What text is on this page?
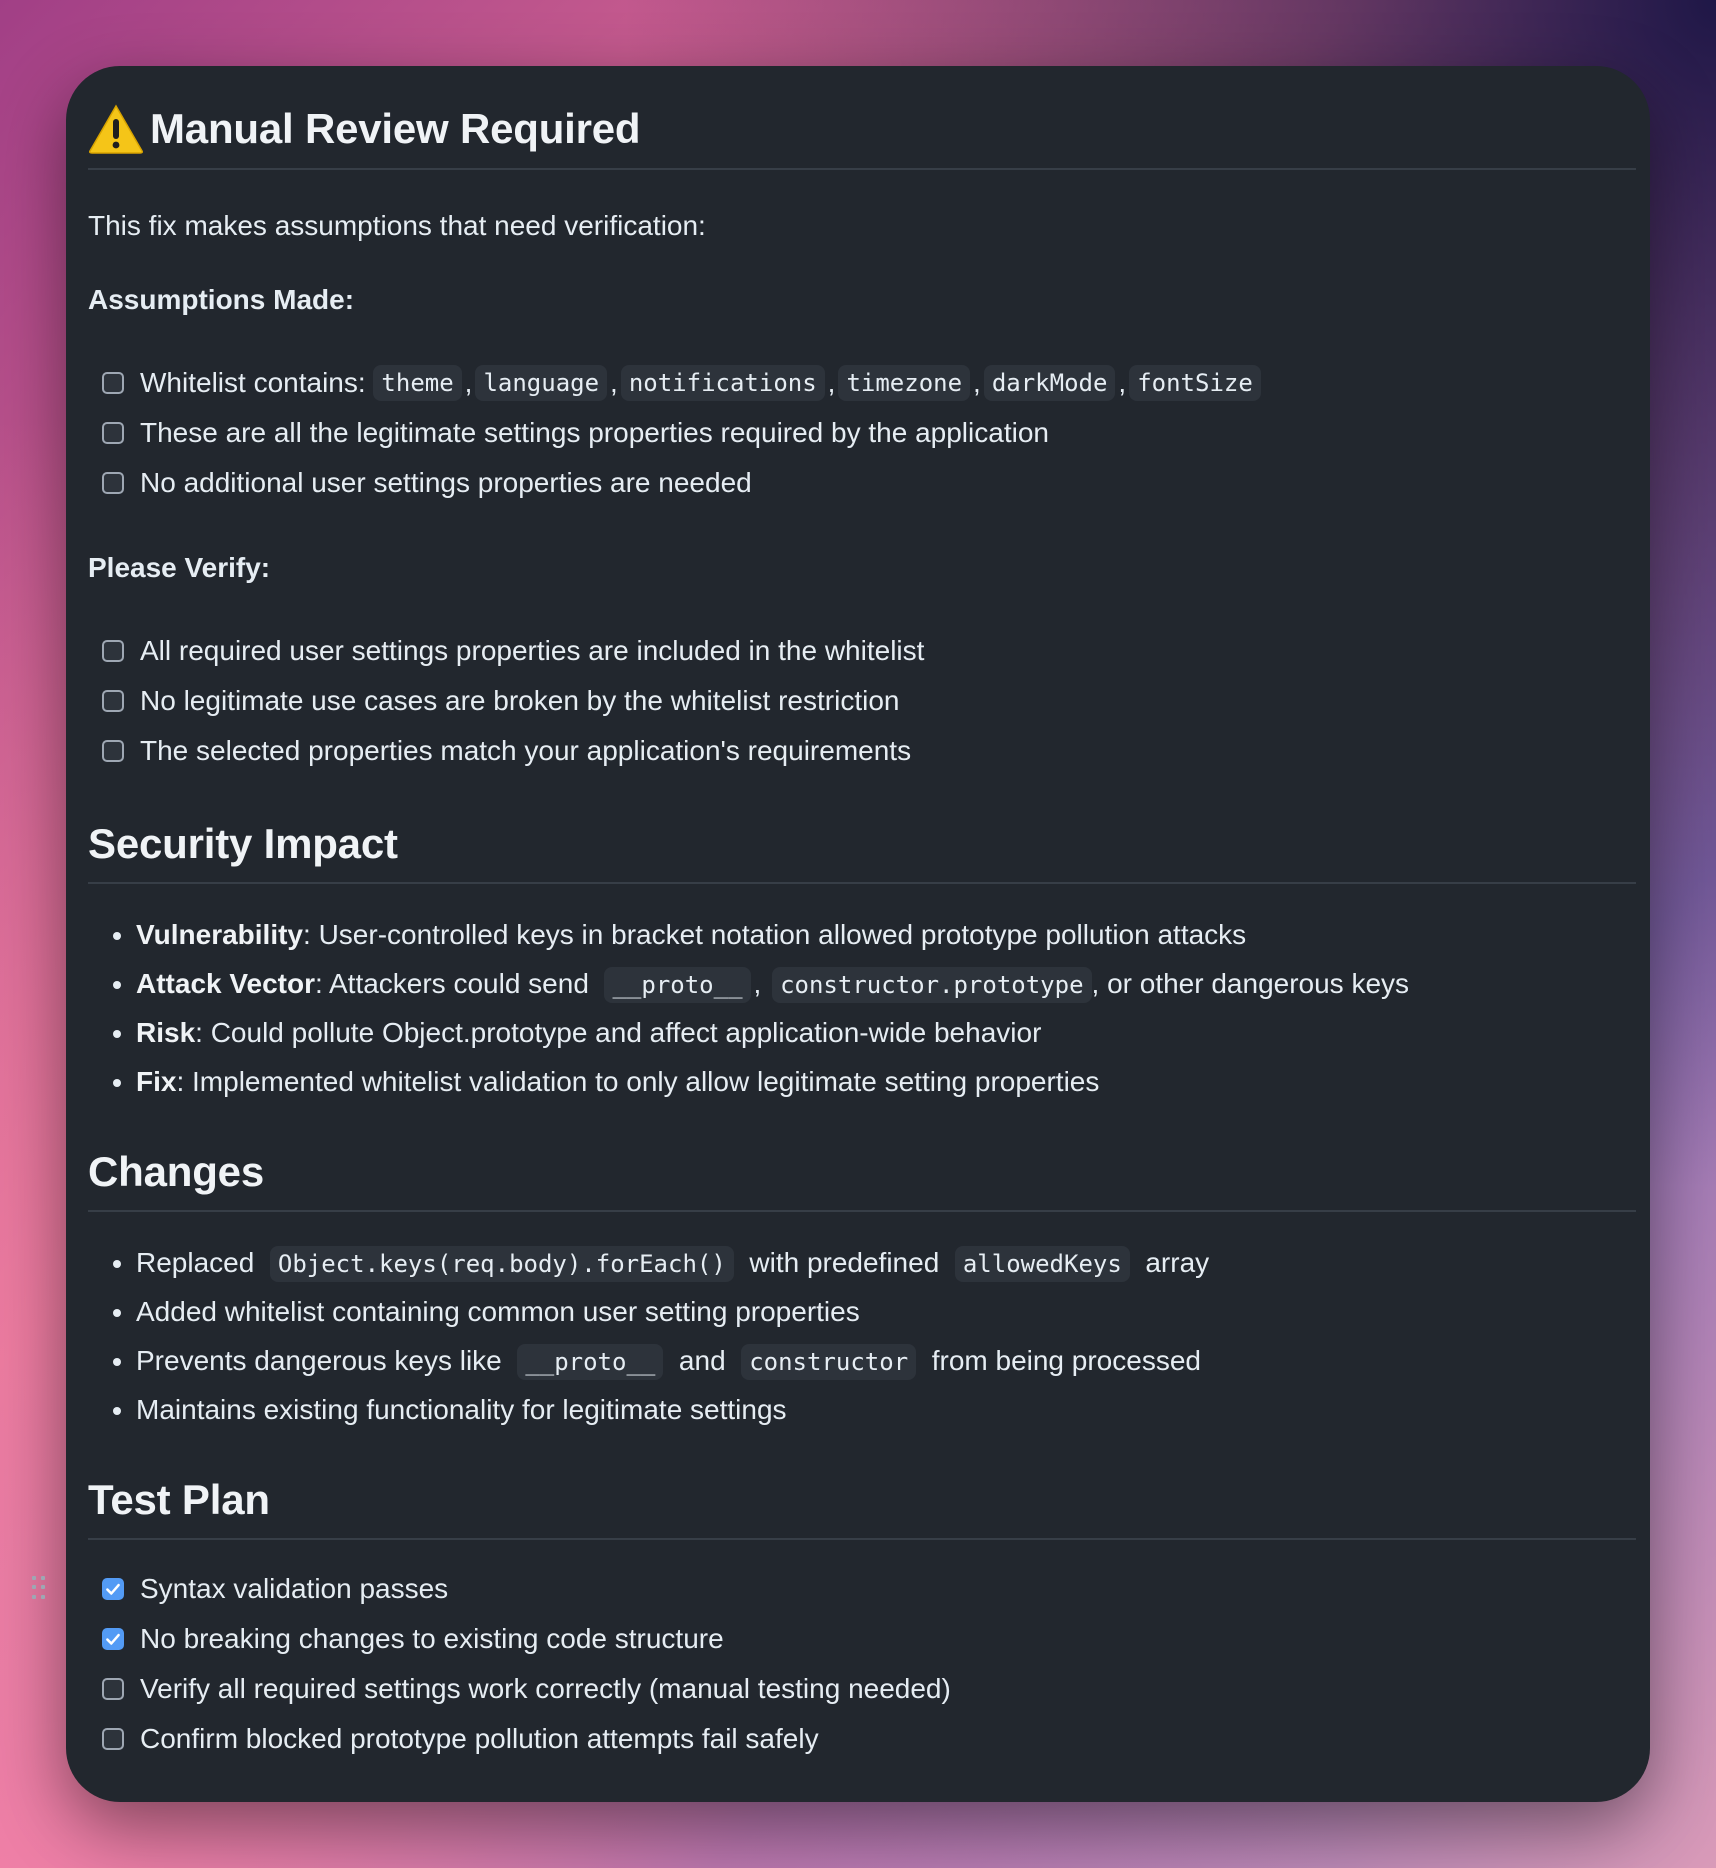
Manual Review Required

This fix makes assumptions that need verification:

Assumptions Made:

Whitelist contains:
theme , language , notifications , timezone , darkMode , fontSize
These are all the legitimate settings properties required by the application
No additional user settings properties are needed

Please Verify:

All required user settings properties are included in the whitelist
No legitimate use cases are broken by the whitelist restriction
The selected properties match your application's requirements
Security Impact
• Vulnerability: User-controlled keys in bracket notation allowed prototype pollution attacks
• Attack Vector: Attackers could send __proto__ , constructor.prototype , or other dangerous keys
• Risk: Could pollute Object.prototype and affect application-wide behavior
• Fix: Implemented whitelist validation to only allow legitimate setting properties
Changes
• Replaced Object.keys(req.body).forEach() with predefined allowedKeys array
• Added whitelist containing common user setting properties
• Prevents dangerous keys like __proto__ and constructor from being processed
• Maintains existing functionality for legitimate settings
Test Plan
Syntax validation passes
No breaking changes to existing code structure
Verify all required settings work correctly (manual testing needed)
Confirm blocked prototype pollution attempts fail safely
